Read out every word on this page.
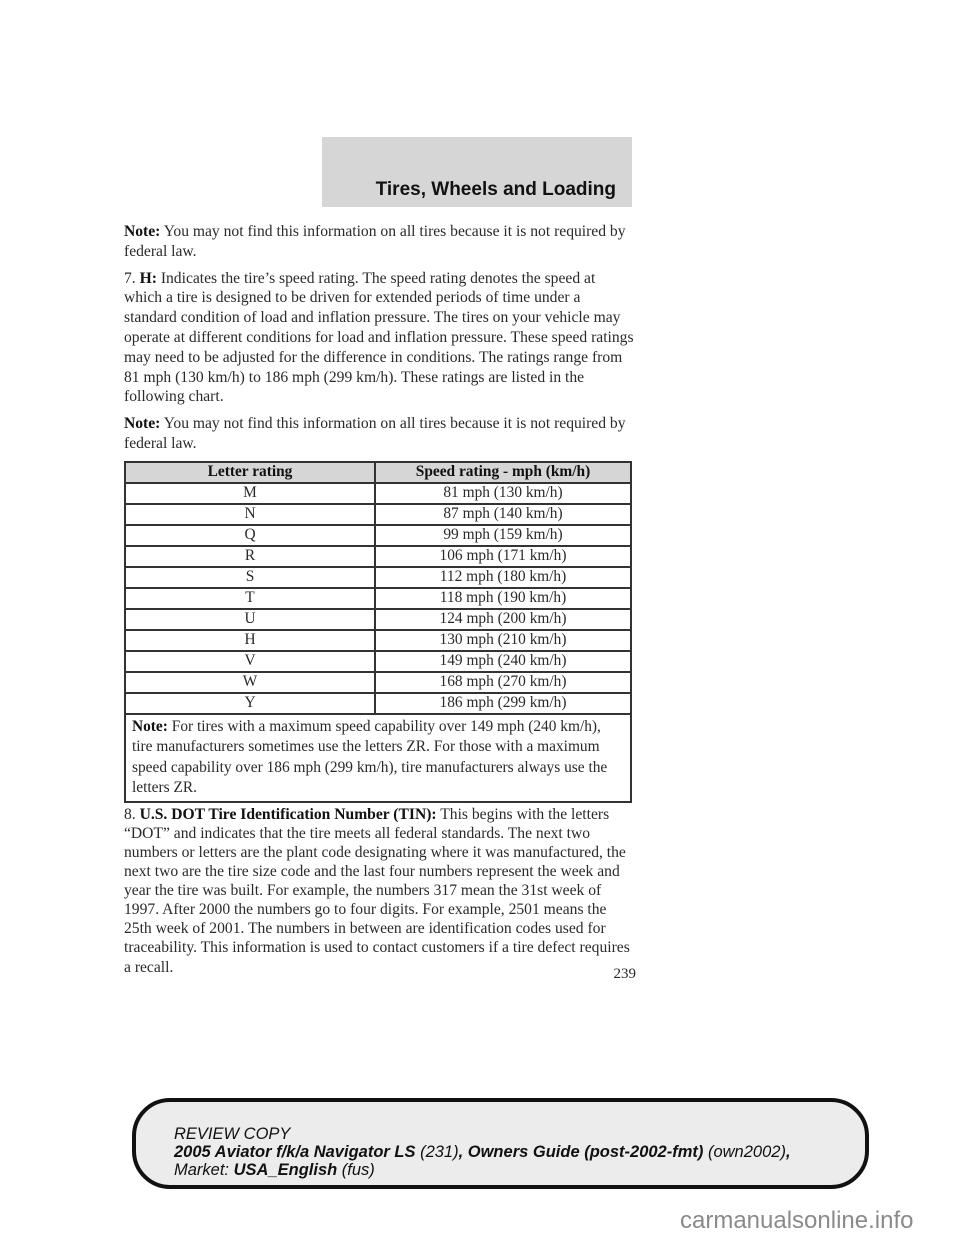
Tires, Wheels and Loading

Note: You may not find this information on all tires because it is not required by federal law.

7. H: Indicates the tire’s speed rating. The speed rating denotes the speed at which a tire is designed to be driven for extended periods of time under a standard condition of load and inflation pressure. The tires on your vehicle may operate at different conditions for load and inflation pressure. These speed ratings may need to be adjusted for the difference in conditions. The ratings range from 81 mph (130 km/h) to 186 mph (299 km/h). These ratings are listed in the following chart.

Note: You may not find this information on all tires because it is not required by federal law.

Letter rating	Speed rating - mph (km/h)
M	81 mph (130 km/h)
N	87 mph (140 km/h)
Q	99 mph (159 km/h)
R	106 mph (171 km/h)
S	112 mph (180 km/h)
T	118 mph (190 km/h)
U	124 mph (200 km/h)
H	130 mph (210 km/h)
V	149 mph (240 km/h)
W	168 mph (270 km/h)
Y	186 mph (299 km/h)
Note: For tires with a maximum speed capability over 149 mph (240 km/h), tire manufacturers sometimes use the letters ZR. For those with a maximum speed capability over 186 mph (299 km/h), tire manufacturers always use the letters ZR.	

8. U.S. DOT Tire Identification Number (TIN): This begins with the letters “DOT” and indicates that the tire meets all federal standards. The next two numbers or letters are the plant code designating where it was manufactured, the next two are the tire size code and the last four numbers represent the week and year the tire was built. For example, the numbers 317 mean the 31st week of 1997. After 2000 the numbers go to four digits. For example, 2501 means the 25th week of 2001. The numbers in between are identification codes used for traceability. This information is used to contact customers if a tire defect requires a recall.	239
REVIEW COPY
2005 Aviator f/k/a Navigator LS (231), Owners Guide (post-2002-fmt) (own2002),
Market: USA_English (fus)
carmanualsonline.info
